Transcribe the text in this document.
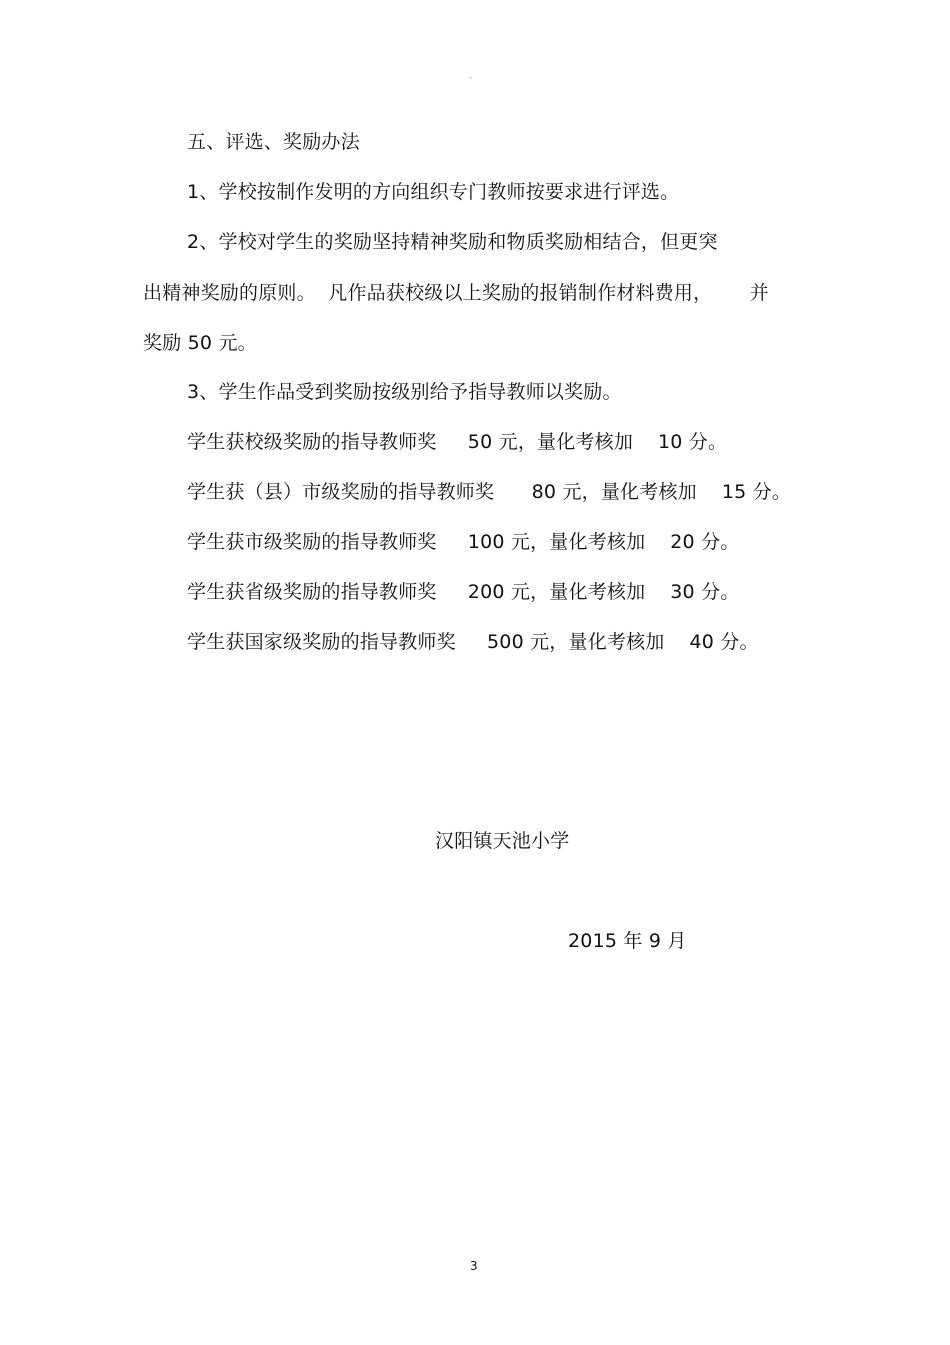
。
五、评选、奖励办法
1、学校按制作发明的方向组织专门教师按要求进行评选。
2、学校对学生的奖励坚持精神奖励和物质奖励相结合，但更突
出精神奖励的原则。  凡作品获校级以上奖励的报销制作材料费用，      并
奖励 50 元。
3、学生作品受到奖励按级别给予指导教师以奖励。
学生获校级奖励的指导教师奖     50 元，量化考核加    10 分。
学生获（县）市级奖励的指导教师奖      80 元，量化考核加    15 分。
学生获市级奖励的指导教师奖     100 元，量化考核加    20 分。
学生获省级奖励的指导教师奖     200 元，量化考核加    30 分。
学生获国家级奖励的指导教师奖     500 元，量化考核加    40 分。
汉阳镇天池小学
2015 年 9 月
3
